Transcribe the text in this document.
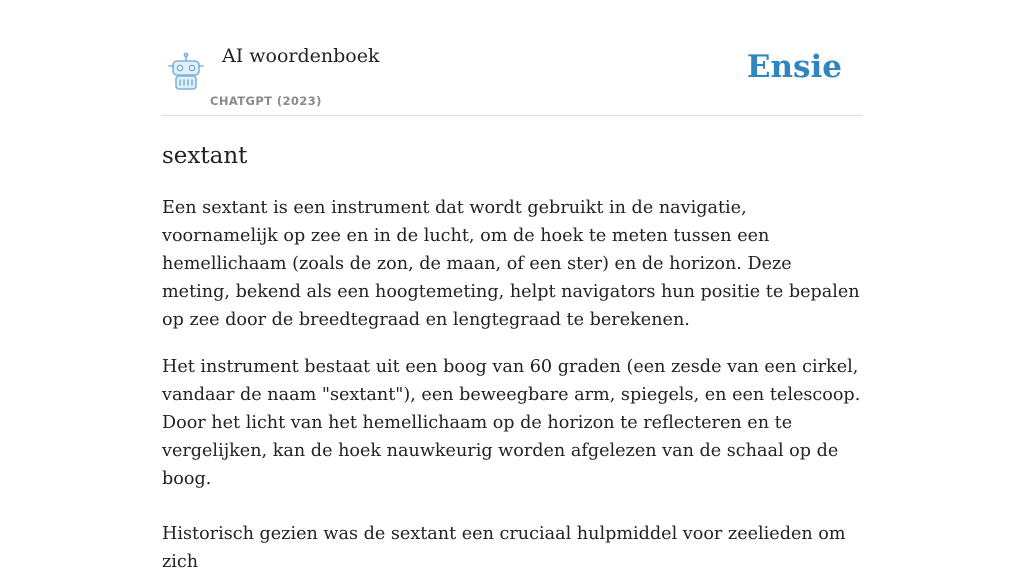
AI woordenboek
CHATGPT (2023)
Ensie
sextant

Een sextant is een instrument dat wordt gebruikt in de navigatie, voornamelijk op zee en in de lucht, om de hoek te meten tussen een hemellichaam (zoals de zon, de maan, of een ster) en de horizon. Deze meting, bekend als een hoogtemeting, helpt navigators hun positie te bepalen op zee door de breedtegraad en lengtegraad te berekenen.

Het instrument bestaat uit een boog van 60 graden (een zesde van een cirkel, vandaar de naam "sextant"), een beweegbare arm, spiegels, en een telescoop. Door het licht van het hemellichaam op de horizon te reflecteren en te vergelijken, kan de hoek nauwkeurig worden afgelezen van de schaal op de boog.

Historisch gezien was de sextant een cruciaal hulpmiddel voor zeelieden om zich
